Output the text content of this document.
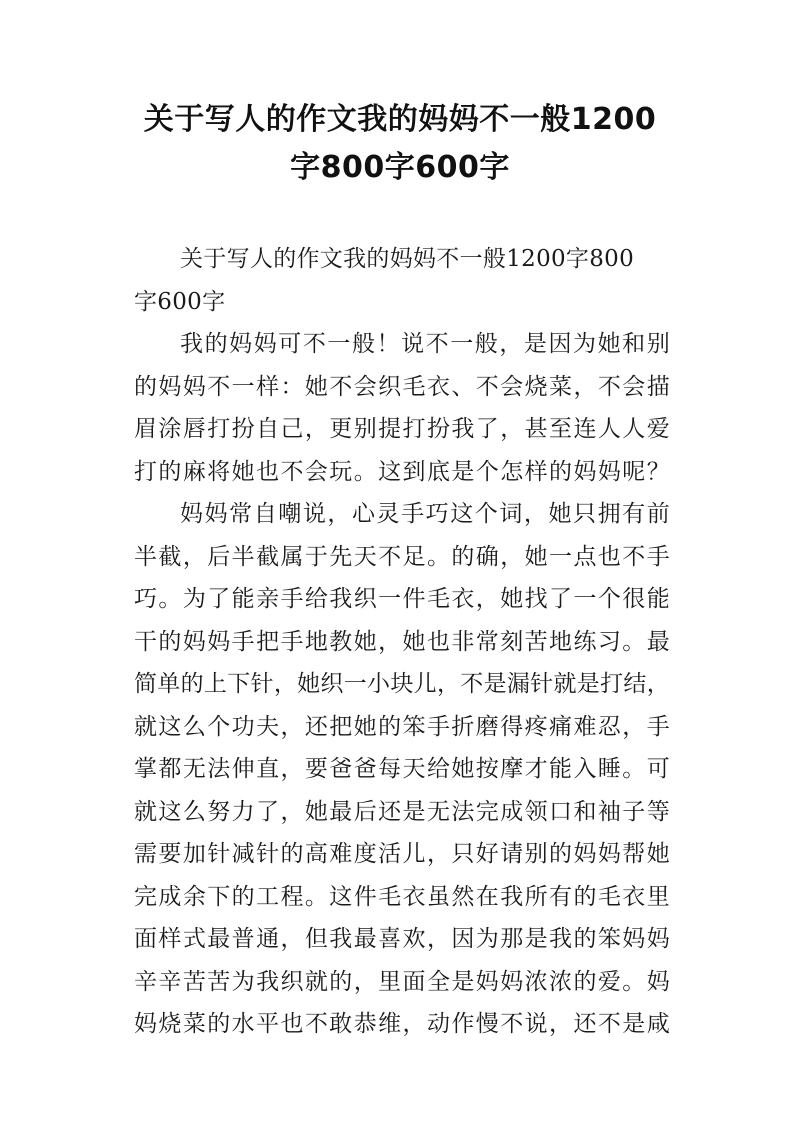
关于写人的作文我的妈妈不一般1200
字800字600字

关于写人的作文我的妈妈不一般1200字800
字600字

我的妈妈可不一般！说不一般，是因为她和别
的妈妈不一样：她不会织毛衣、不会烧菜，不会描
眉涂唇打扮自己，更别提打扮我了，甚至连人人爱
打的麻将她也不会玩。这到底是个怎样的妈妈呢？

妈妈常自嘲说，心灵手巧这个词，她只拥有前
半截，后半截属于先天不足。的确，她一点也不手
巧。为了能亲手给我织一件毛衣，她找了一个很能
干的妈妈手把手地教她，她也非常刻苦地练习。最
简单的上下针，她织一小块儿，不是漏针就是打结，
就这么个功夫，还把她的笨手折磨得疼痛难忍，手
掌都无法伸直，要爸爸每天给她按摩才能入睡。可
就这么努力了，她最后还是无法完成领口和袖子等
需要加针减针的高难度活儿，只好请别的妈妈帮她
完成余下的工程。这件毛衣虽然在我所有的毛衣里
面样式最普通，但我最喜欢，因为那是我的笨妈妈
辛辛苦苦为我织就的，里面全是妈妈浓浓的爱。妈
妈烧菜的水平也不敢恭维，动作慢不说，还不是咸
